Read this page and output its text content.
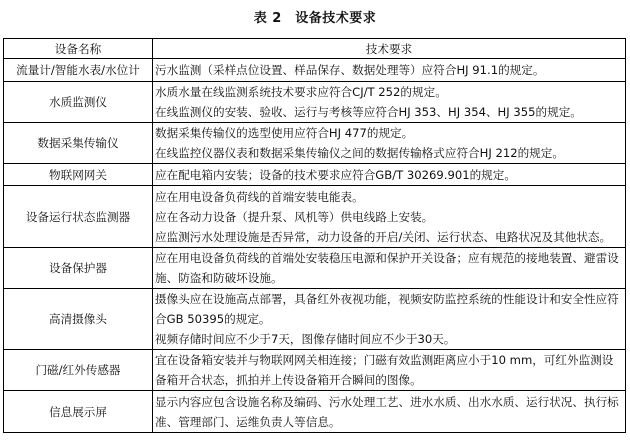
表 2　设备技术要求
设备名称	技术要求
流量计/智能水表/水位计	污水监测（采样点位设置、样品保存、数据处理等）应符合HJ 91.1的规定。

水质监测仪	水质水量在线监测系统技术要求应符合CJ/T 252的规定。
在线监测仪的安装、验收、运行与考核等应符合HJ 353、HJ 354、HJ 355的规定。

数据采集传输仪	数据采集传输仪的选型使用应符合HJ 477的规定。
在线监控仪器仪表和数据采集传输仪之间的数据传输格式应符合HJ 212的规定。

物联网网关	应在配电箱内安装；设备的技术要求应符合GB/T 30269.901的规定。

设备运行状态监测器	应在用电设备负荷线的首端安装电能表。
应在各动力设备（提升泵、风机等）供电线路上安装。
应监测污水处理设施是否异常，动力设备的开启/关闭、运行状态、电路状况及其他状态。

设备保护器	应在用电设备负荷线的首端处安装稳压电源和保护开关设备；应有规范的接地装置、避雷设施、防盗和防破坏设施。

高清摄像头	摄像头应在设施高点部署，具备红外夜视功能，视频安防监控系统的性能设计和安全性应符合GB 50395的规定。
视频存储时间应不少于7天，图像存储时间应不少于30天。

门磁/红外传感器	宜在设备箱安装并与物联网网关相连接；门磁有效监测距离应小于10 mm，可红外监测设备箱开合状态，抓拍并上传设备箱开合瞬间的图像。

信息展示屏	显示内容应包含设施名称及编码、污水处理工艺、进水水质、出水水质、运行状况、执行标准、管理部门、运维负责人等信息。
